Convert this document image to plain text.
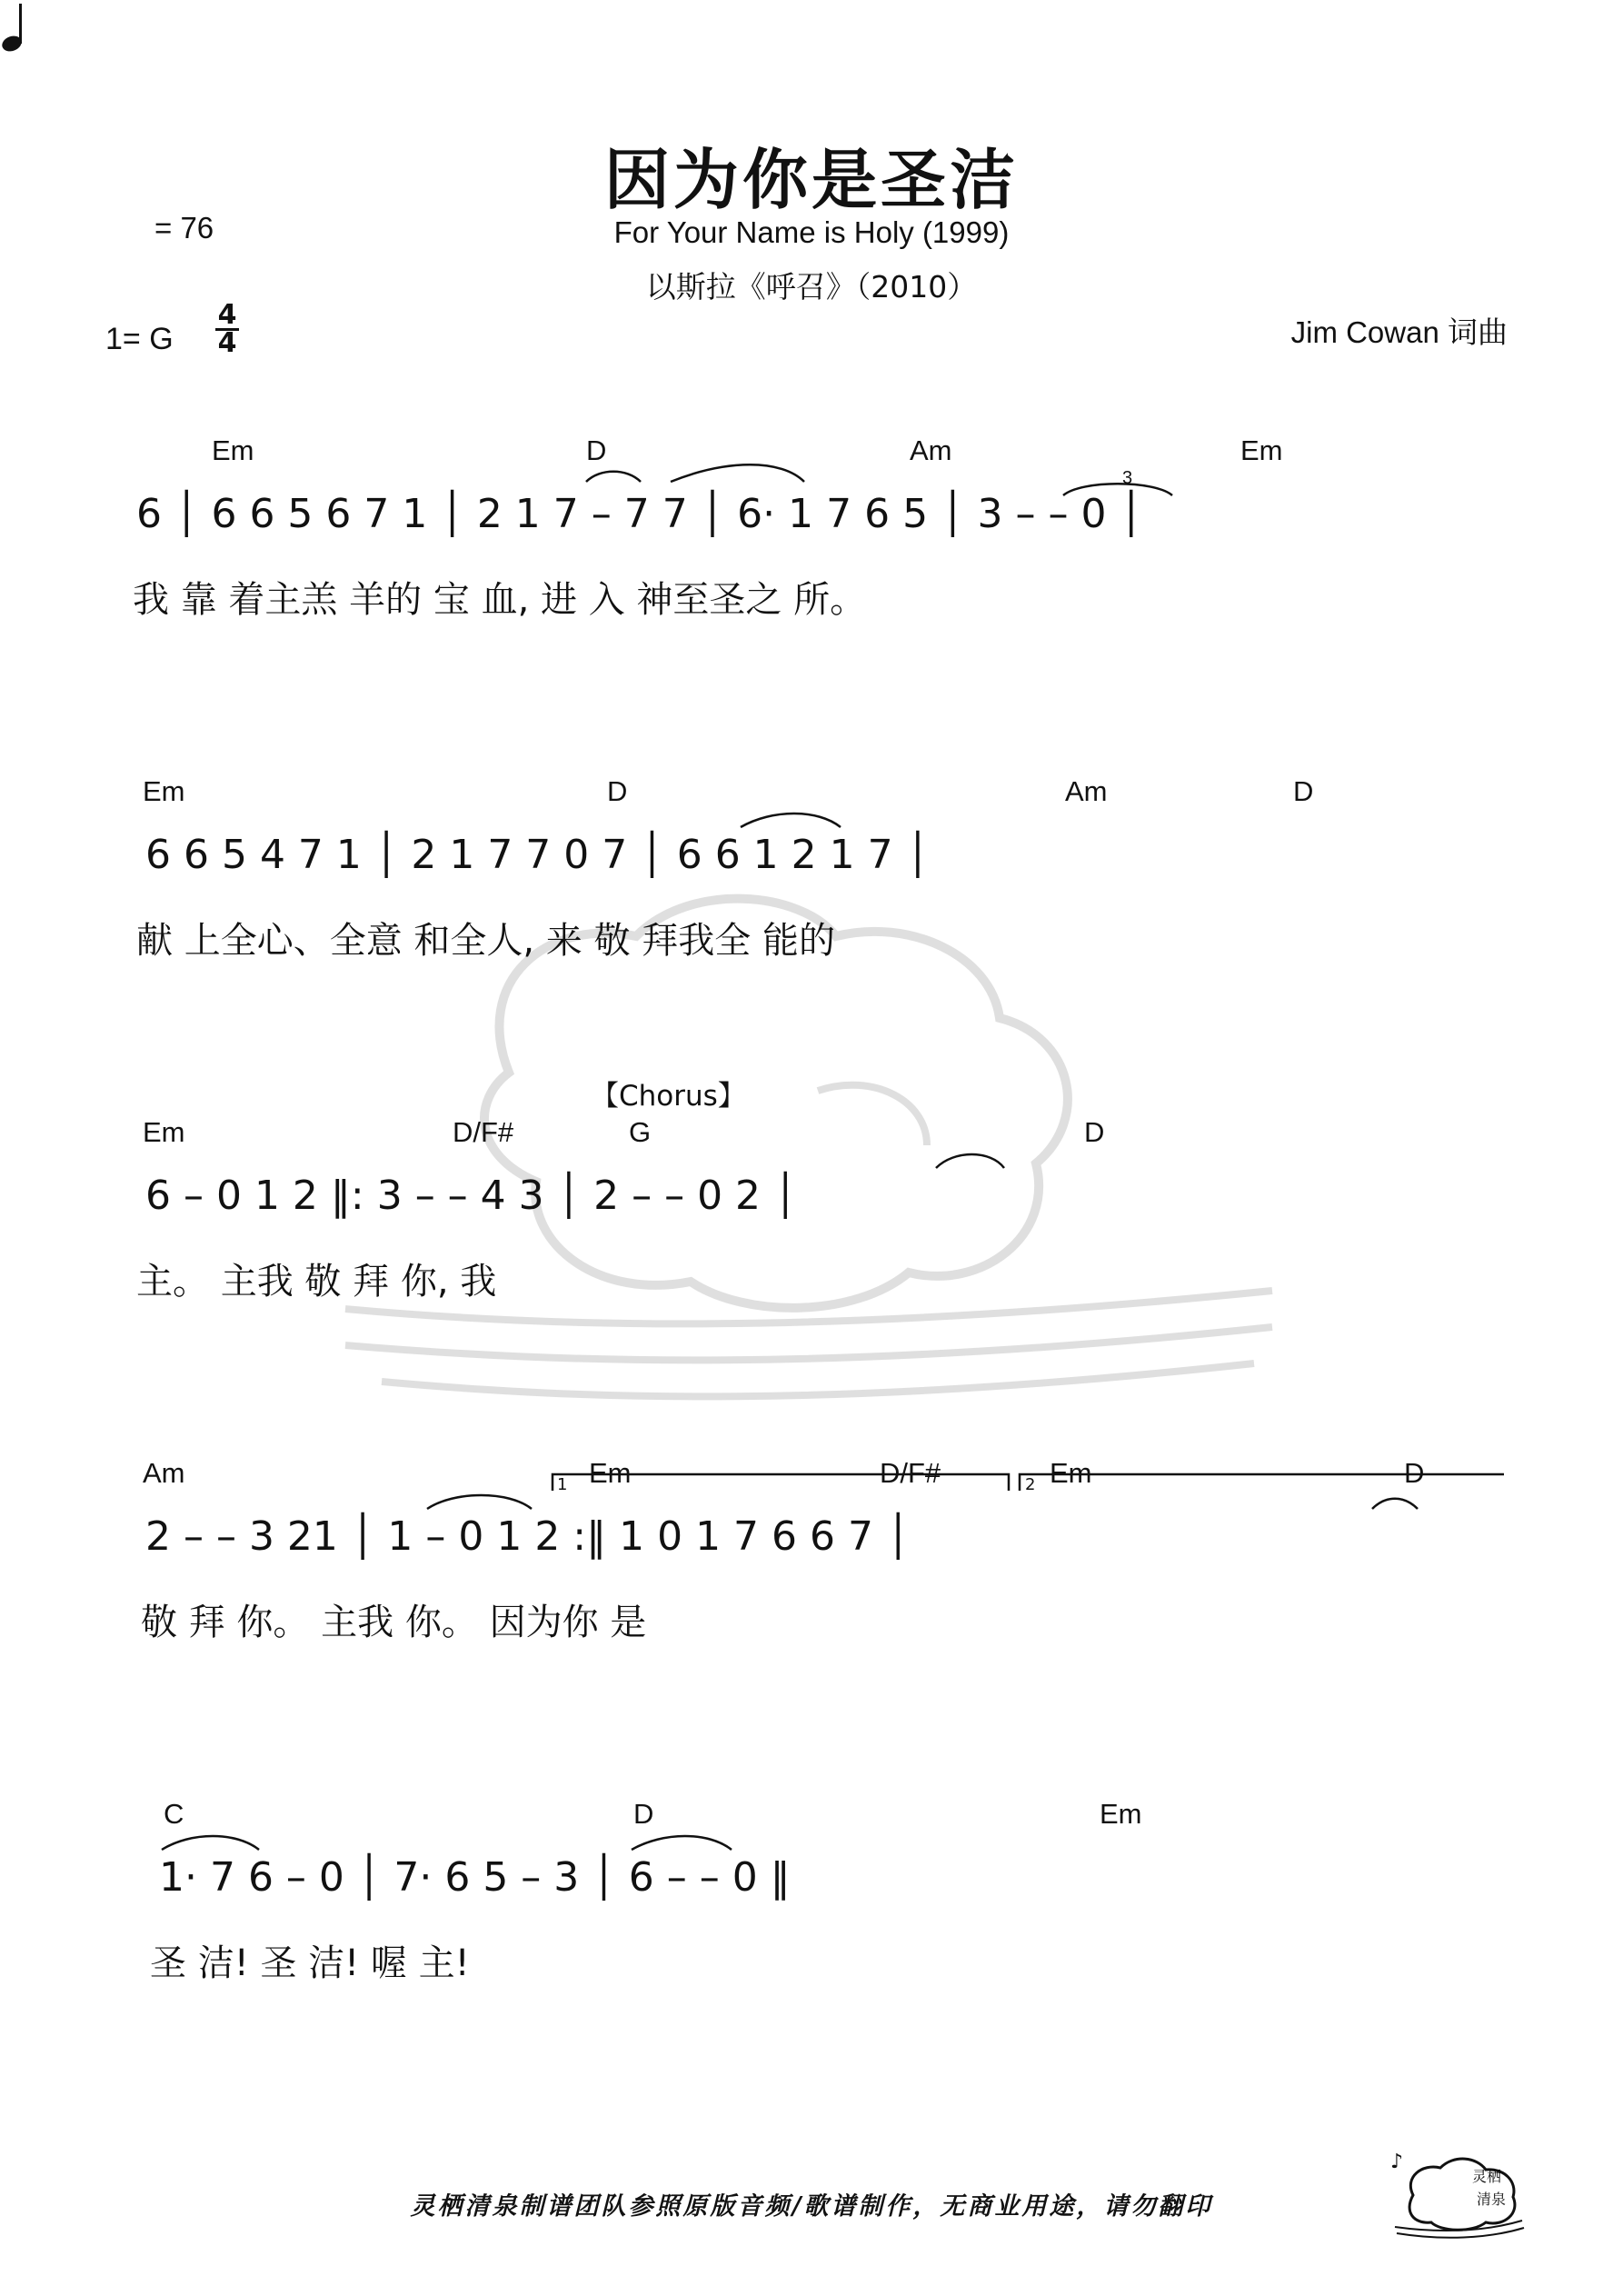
因为你是圣洁
For Your Name is Holy (1999)
以斯拉《呼召》（2010）
Jim Cowan 词曲
= 76
1= G
4
4
Em	D	Am	Em
6 │ 6 6 5 6 7 1 │ 2 1 7 – 7 7 │ 6· 1 7 6 5 │ 3 – – 0 │
我 靠 着主羔 羊的 宝 血, 进 入 神至圣之 所。
Em	D	Am	D
6 6 5 4 7 1 │ 2 1 7 7 0 7 │ 6 6 1 2 1 7 │
献 上全心、全意 和全人, 来 敬 拜我全 能的
【Chorus】
Em	D/F#	G	D
6 – 0 1 2 ‖: 3 – – 4 3 │ 2 – – 0 2 │
主。 主我 敬 拜 你, 我
Am	1 Em	D/F#	2 Em	D
2 – – 3 21 │ 1 – 0 1 2 :‖ 1 0 1 7 6 6 7 │
敬 拜 你。 主我 你。 因为你 是
C	D	Em
1· 7 6 – 0 │ 7· 6 5 – 3 │ 6 – – 0 ‖
圣 洁! 圣 洁! 喔 主!
3
灵栖清泉制谱团队参照原版音频/歌谱制作，无商业用途，请勿翻印
灵栖
清泉
♪
